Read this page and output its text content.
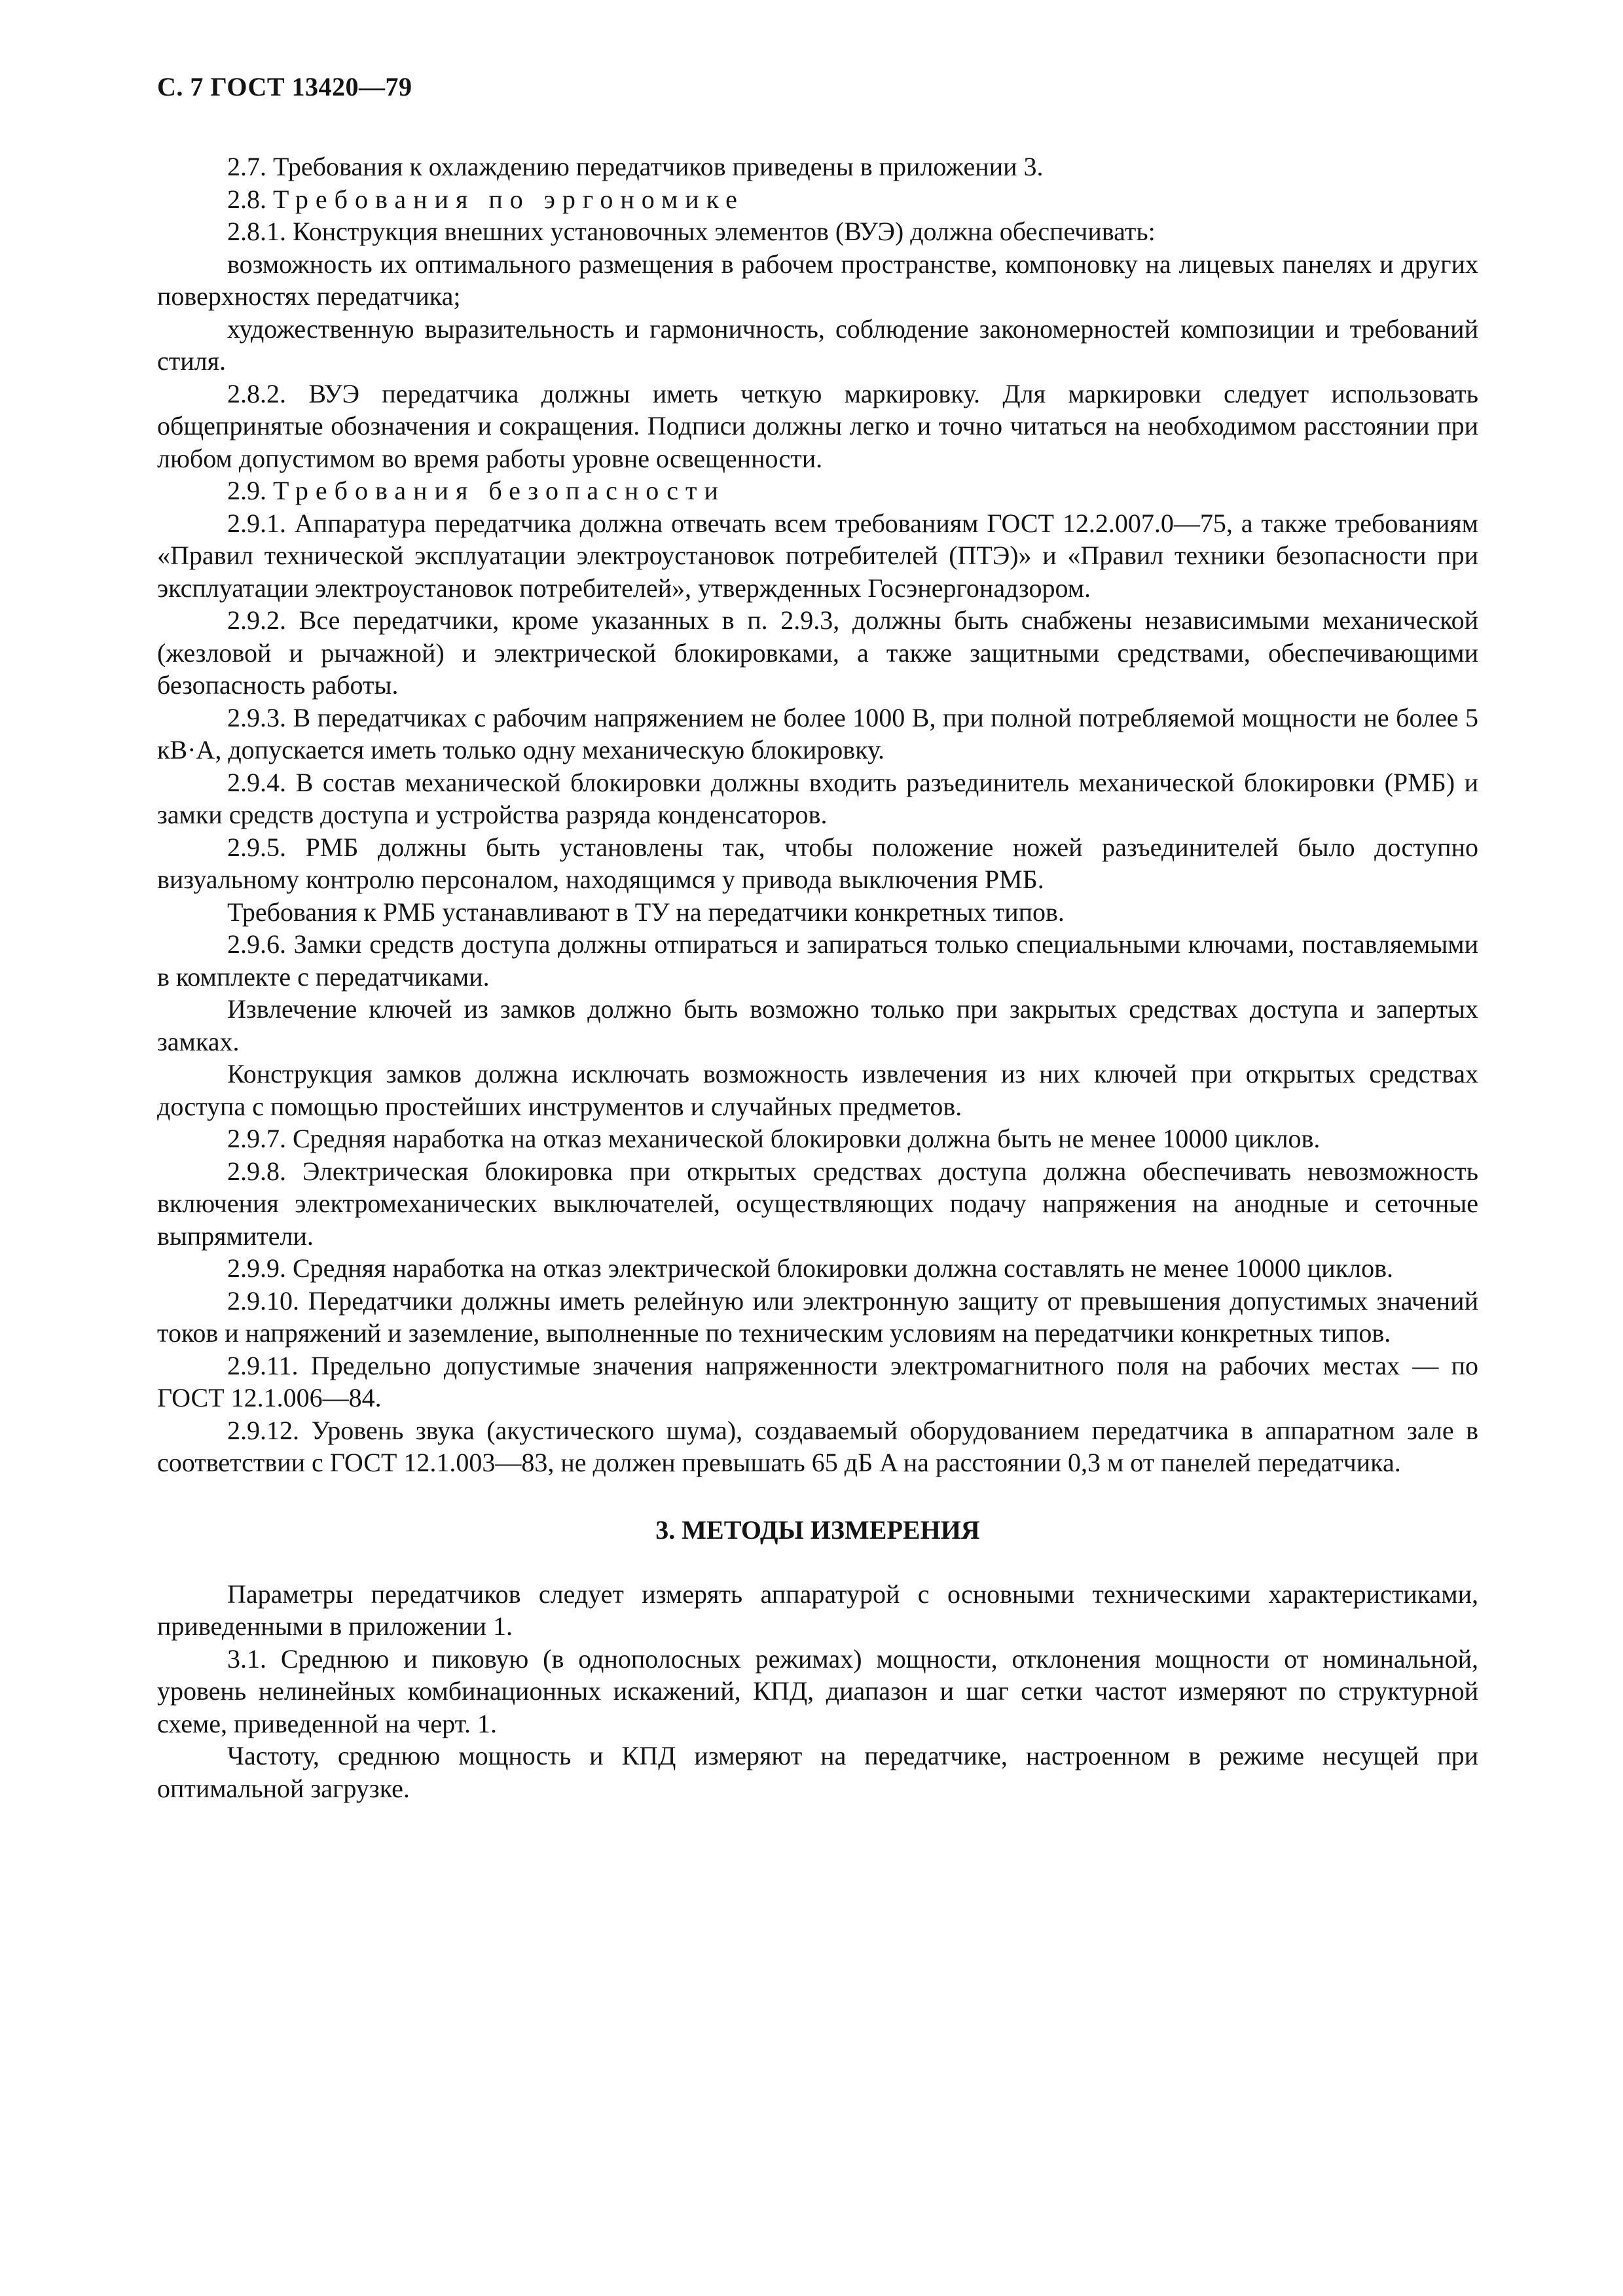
С. 7 ГОСТ 13420—79

2.7. Требования к охлаждению передатчиков приведены в приложении 3.

2.8. Требования по эргономике

2.8.1. Конструкция внешних установочных элементов (ВУЭ) должна обеспечивать:

возможность их оптимального размещения в рабочем пространстве, компоновку на лицевых панелях и других поверхностях передатчика;

художественную выразительность и гармоничность, соблюдение закономерностей композиции и требований стиля.

2.8.2. ВУЭ передатчика должны иметь четкую маркировку. Для маркировки следует использовать общепринятые обозначения и сокращения. Подписи должны легко и точно читаться на необходимом расстоянии при любом допустимом во время работы уровне освещенности.

2.9. Требования безопасности

2.9.1. Аппаратура передатчика должна отвечать всем требованиям ГОСТ 12.2.007.0—75, а также требованиям «Правил технической эксплуатации электроустановок потребителей (ПТЭ)» и «Правил техники безопасности при эксплуатации электроустановок потребителей», утвержденных Госэнергонадзором.

2.9.2. Все передатчики, кроме указанных в п. 2.9.3, должны быть снабжены независимыми механической (жезловой и рычажной) и электрической блокировками, а также защитными средствами, обеспечивающими безопасность работы.

2.9.3. В передатчиках с рабочим напряжением не более 1000 В, при полной потребляемой мощности не более 5 кВ·А, допускается иметь только одну механическую блокировку.

2.9.4. В состав механической блокировки должны входить разъединитель механической блокировки (РМБ) и замки средств доступа и устройства разряда конденсаторов.

2.9.5. РМБ должны быть установлены так, чтобы положение ножей разъединителей было доступно визуальному контролю персоналом, находящимся у привода выключения РМБ.

Требования к РМБ устанавливают в ТУ на передатчики конкретных типов.

2.9.6. Замки средств доступа должны отпираться и запираться только специальными ключами, поставляемыми в комплекте с передатчиками.

Извлечение ключей из замков должно быть возможно только при закрытых средствах доступа и запертых замках.

Конструкция замков должна исключать возможность извлечения из них ключей при открытых средствах доступа с помощью простейших инструментов и случайных предметов.

2.9.7. Средняя наработка на отказ механической блокировки должна быть не менее 10000 циклов.

2.9.8. Электрическая блокировка при открытых средствах доступа должна обеспечивать невозможность включения электромеханических выключателей, осуществляющих подачу напряжения на анодные и сеточные выпрямители.

2.9.9. Средняя наработка на отказ электрической блокировки должна составлять не менее 10000 циклов.

2.9.10. Передатчики должны иметь релейную или электронную защиту от превышения допустимых значений токов и напряжений и заземление, выполненные по техническим условиям на передатчики конкретных типов.

2.9.11. Предельно допустимые значения напряженности электромагнитного поля на рабочих местах — по ГОСТ 12.1.006—84.

2.9.12. Уровень звука (акустического шума), создаваемый оборудованием передатчика в аппаратном зале в соответствии с ГОСТ 12.1.003—83, не должен превышать 65 дБ A на расстоянии 0,3 м от панелей передатчика.

3. МЕТОДЫ ИЗМЕРЕНИЯ

Параметры передатчиков следует измерять аппаратурой с основными техническими характеристиками, приведенными в приложении 1.

3.1. Среднюю и пиковую (в однополосных режимах) мощности, отклонения мощности от номинальной, уровень нелинейных комбинационных искажений, КПД, диапазон и шаг сетки частот измеряют по структурной схеме, приведенной на черт. 1.

Частоту, среднюю мощность и КПД измеряют на передатчике, настроенном в режиме несущей при оптимальной загрузке.
